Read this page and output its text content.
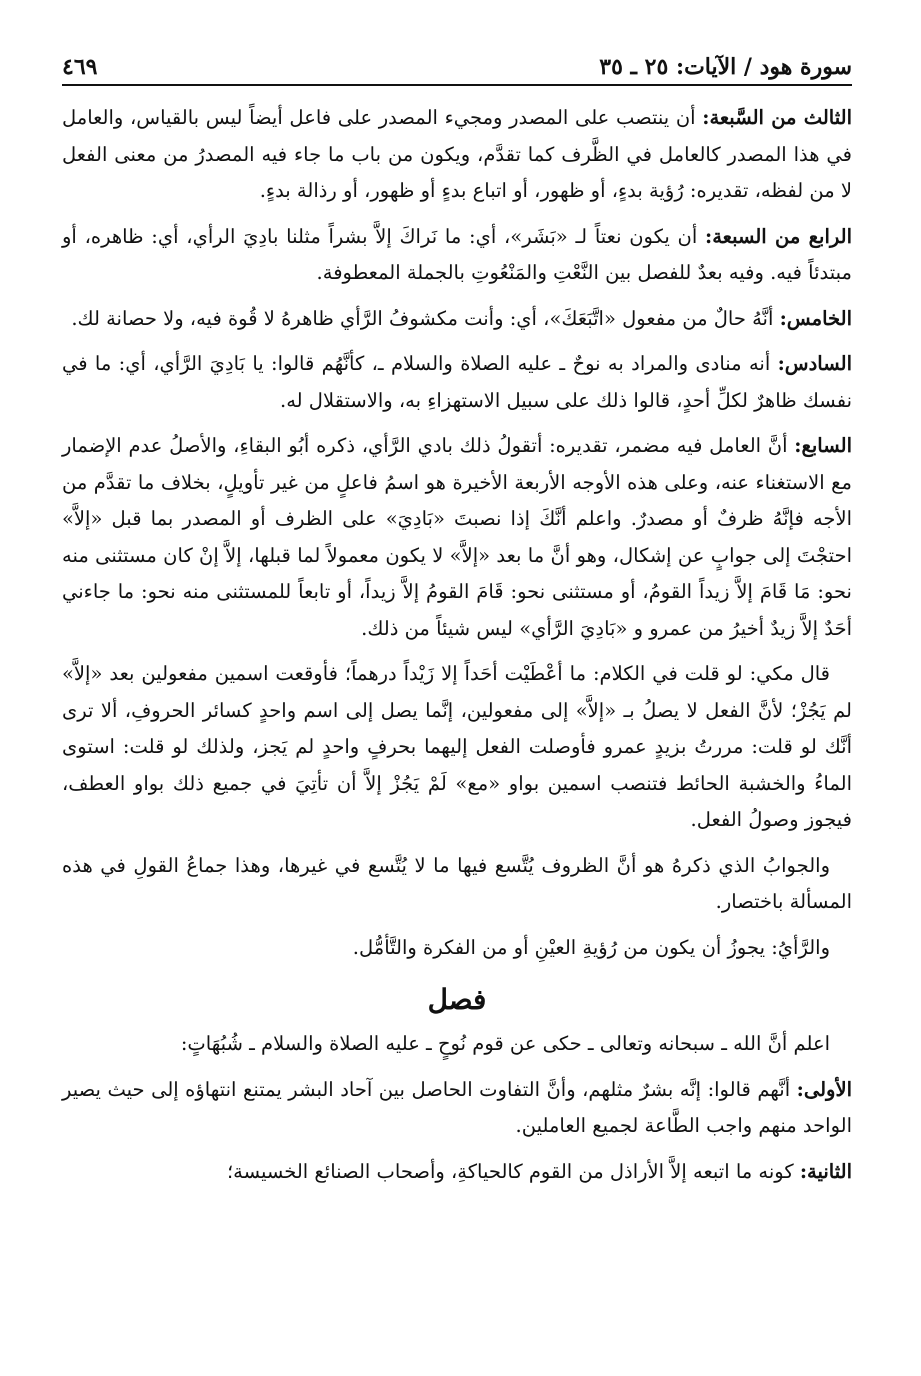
سورة هود / الآيات: ٢٥ ـ ٣٥
٤٦٩

الثالث من السَّبعة: أن ينتصب على المصدر ومجيء المصدر على فاعل أيضاً ليس بالقياس، والعامل في هذا المصدر كالعامل في الظَّرف كما تقدَّم، ويكون من باب ما جاء فيه المصدرُ من معنى الفعل لا من لفظه، تقديره: رُؤية بدءٍ، أو ظهور، أو اتباع بدءٍ أو ظهور، أو رذالة بدءٍ.

الرابع من السبعة: أن يكون نعتاً لـ «بَشَر»، أي: ما نَراكَ إلاَّ بشراً مثلنا بادِيَ الرأي، أي: ظاهره، أو مبتدئاً فيه. وفيه بعدٌ للفصل بين النَّعْتِ والمَنْعُوتِ بالجملة المعطوفة.

الخامس: أنَّهُ حالٌ من مفعول «اتَّبَعَكَ»، أي: وأنت مكشوفُ الرَّأي ظاهرهُ لا قُوة فيه، ولا حصانة لك.

السادس: أنه منادى والمراد به نوحٌ ـ عليه الصلاة والسلام ـ، كأنَّهُم قالوا: يا بَادِيَ الرَّأي، أي: ما في نفسك ظاهرٌ لكلِّ أحدٍ، قالوا ذلك على سبيل الاستهزاءِ به، والاستقلال له.

السابع: أنَّ العامل فيه مضمر، تقديره: أتقولُ ذلك بادي الرَّأي، ذكره أبُو البقاءِ، والأصلُ عدم الإضمار مع الاستغناء عنه، وعلى هذه الأوجه الأربعة الأخيرة هو اسمُ فاعلٍ من غير تأويلٍ، بخلاف ما تقدَّم من الأجه فإنَّهُ ظرفٌ أو مصدرٌ. واعلم أنَّكَ إذا نصبتَ «بَادِيَ» على الظرف أو المصدر بما قبل «إلاَّ» احتجْتَ إلى جوابٍ عن إشكال، وهو أنَّ ما بعد «إلاَّ» لا يكون معمولاً لما قبلها، إلاَّ إنْ كان مستثنى منه نحو: مَا قَامَ إلاَّ زيداً القومُ، أو مستثنى نحو: قَامَ القومُ إلاَّ زيداً، أو تابعاً للمستثنى منه نحو: ما جاءني أحَدٌ إلاَّ زيدٌ أخيرُ من عمرو و «بَادِيَ الرَّأي» ليس شيئاً من ذلك.

قال مكي: لو قلت في الكلام: ما أعْطَيْت أحَداً إلا زَيْداً درهماً؛ فأوقعت اسمين مفعولين بعد «إلاَّ» لم يَجُزْ؛ لأنَّ الفعل لا يصلُ بـ «إلاَّ» إلى مفعولين، إنَّما يصل إلى اسم واحدٍ كسائر الحروفِ، ألا ترى أنَّك لو قلت: مررتُ بزيدٍ عمرو فأوصلت الفعل إليهما بحرفٍ واحدٍ لم يَجز، ولذلك لو قلت: استوى الماءُ والخشبة الحائط فتنصب اسمين بواو «مع» لَمْ يَجُزْ إلاَّ أن تأتِيَ في جميع ذلك بواو العطف، فيجوز وصولُ الفعل.

والجوابُ الذي ذكرهُ هو أنَّ الظروف يُتَّسع فيها ما لا يُتَّسع في غيرها، وهذا جماعُ القولِ في هذه المسألة باختصار.

والرَّأيُ: يجوزُ أن يكون من رُؤيةِ العيْنِ أو من الفكرة والتَّأمُّل.

فصل

اعلم أنَّ الله ـ سبحانه وتعالى ـ حكى عن قوم نُوحٍ ـ عليه الصلاة والسلام ـ شُبُهَاتٍ:

الأولى: أنَّهم قالوا: إنَّه بشرٌ مثلهم، وأنَّ التفاوت الحاصل بين آحاد البشر يمتنع انتهاؤه إلى حيث يصير الواحد منهم واجب الطَّاعة لجميع العاملين.

الثانية: كونه ما اتبعه إلاَّ الأراذل من القوم كالحياكةِ، وأصحاب الصنائع الخسيسة؛
